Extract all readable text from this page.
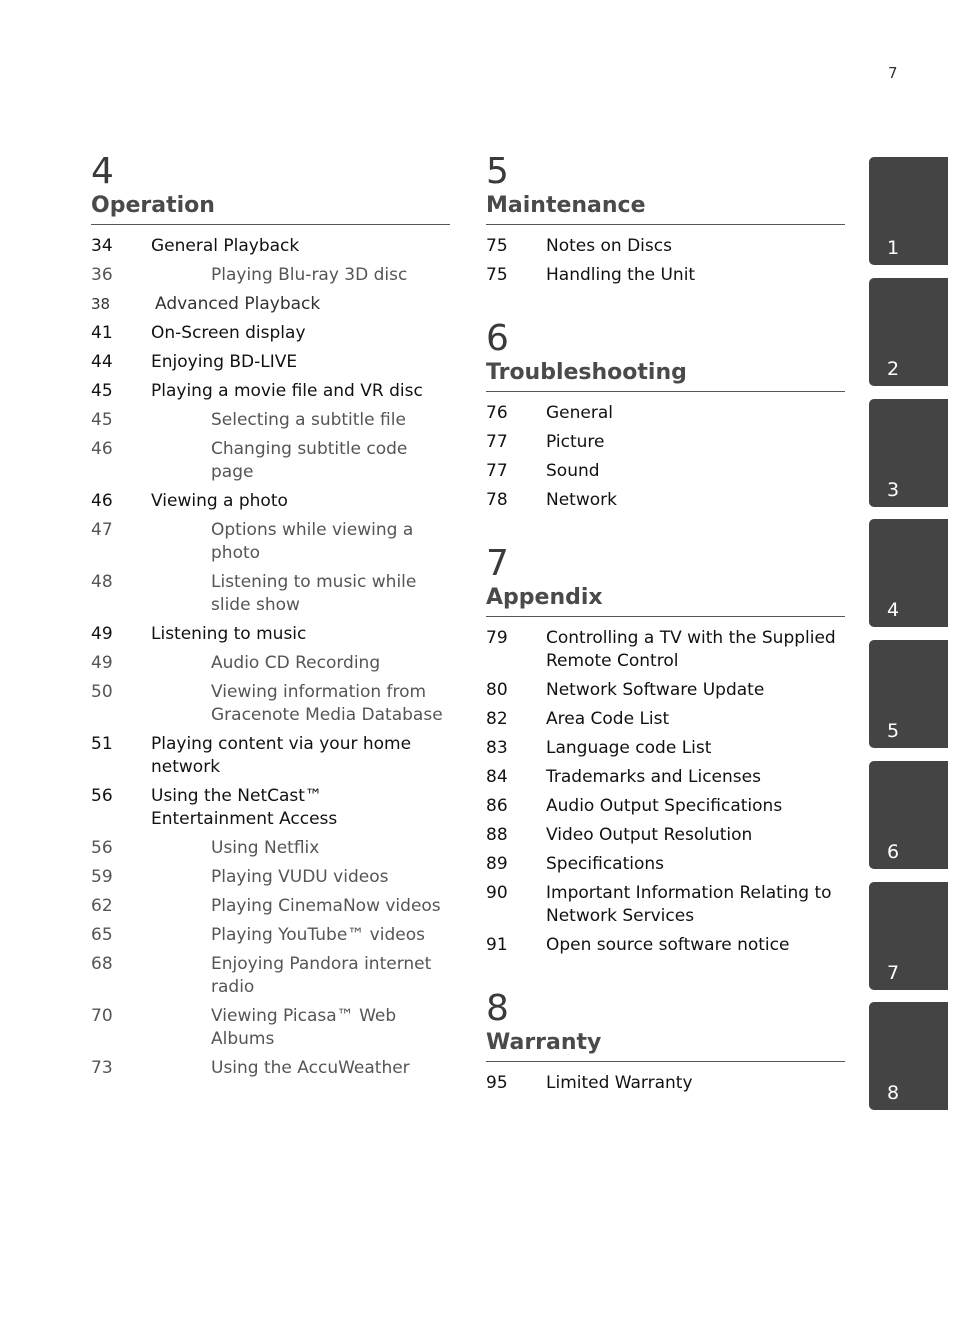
7
4
Operation
34	General Playback
36	Playing Blu-ray 3D disc
38	Advanced Playback
41	On-Screen display
44	Enjoying BD-LIVE
45	Playing a movie file and VR disc
45	Selecting a subtitle file
46	Changing subtitle code page
46	Viewing a photo
47	Options while viewing a photo
48	Listening to music while slide show
49	Listening to music
49	Audio CD Recording
50	Viewing information from Gracenote Media Database
51	Playing content via your home network
56	Using the NetCast™ Entertainment Access
56	Using Netflix
59	Playing VUDU videos
62	Playing CinemaNow videos
65	Playing YouTube™ videos
68	Enjoying Pandora internet radio
70	Viewing Picasa™ Web Albums
73	Using the AccuWeather
5
Maintenance
75	Notes on Discs
75	Handling the Unit
6
Troubleshooting
76	General
77	Picture
77	Sound
78	Network
7
Appendix
79	Controlling a TV with the Supplied Remote Control
80	Network Software Update
82	Area Code List
83	Language code List
84	Trademarks and Licenses
86	Audio Output Specifications
88	Video Output Resolution
89	Specifications
90	Important Information Relating to Network Services
91	Open source software notice
8
Warranty
95	Limited Warranty
1
2
3
4
5
6
7
8
